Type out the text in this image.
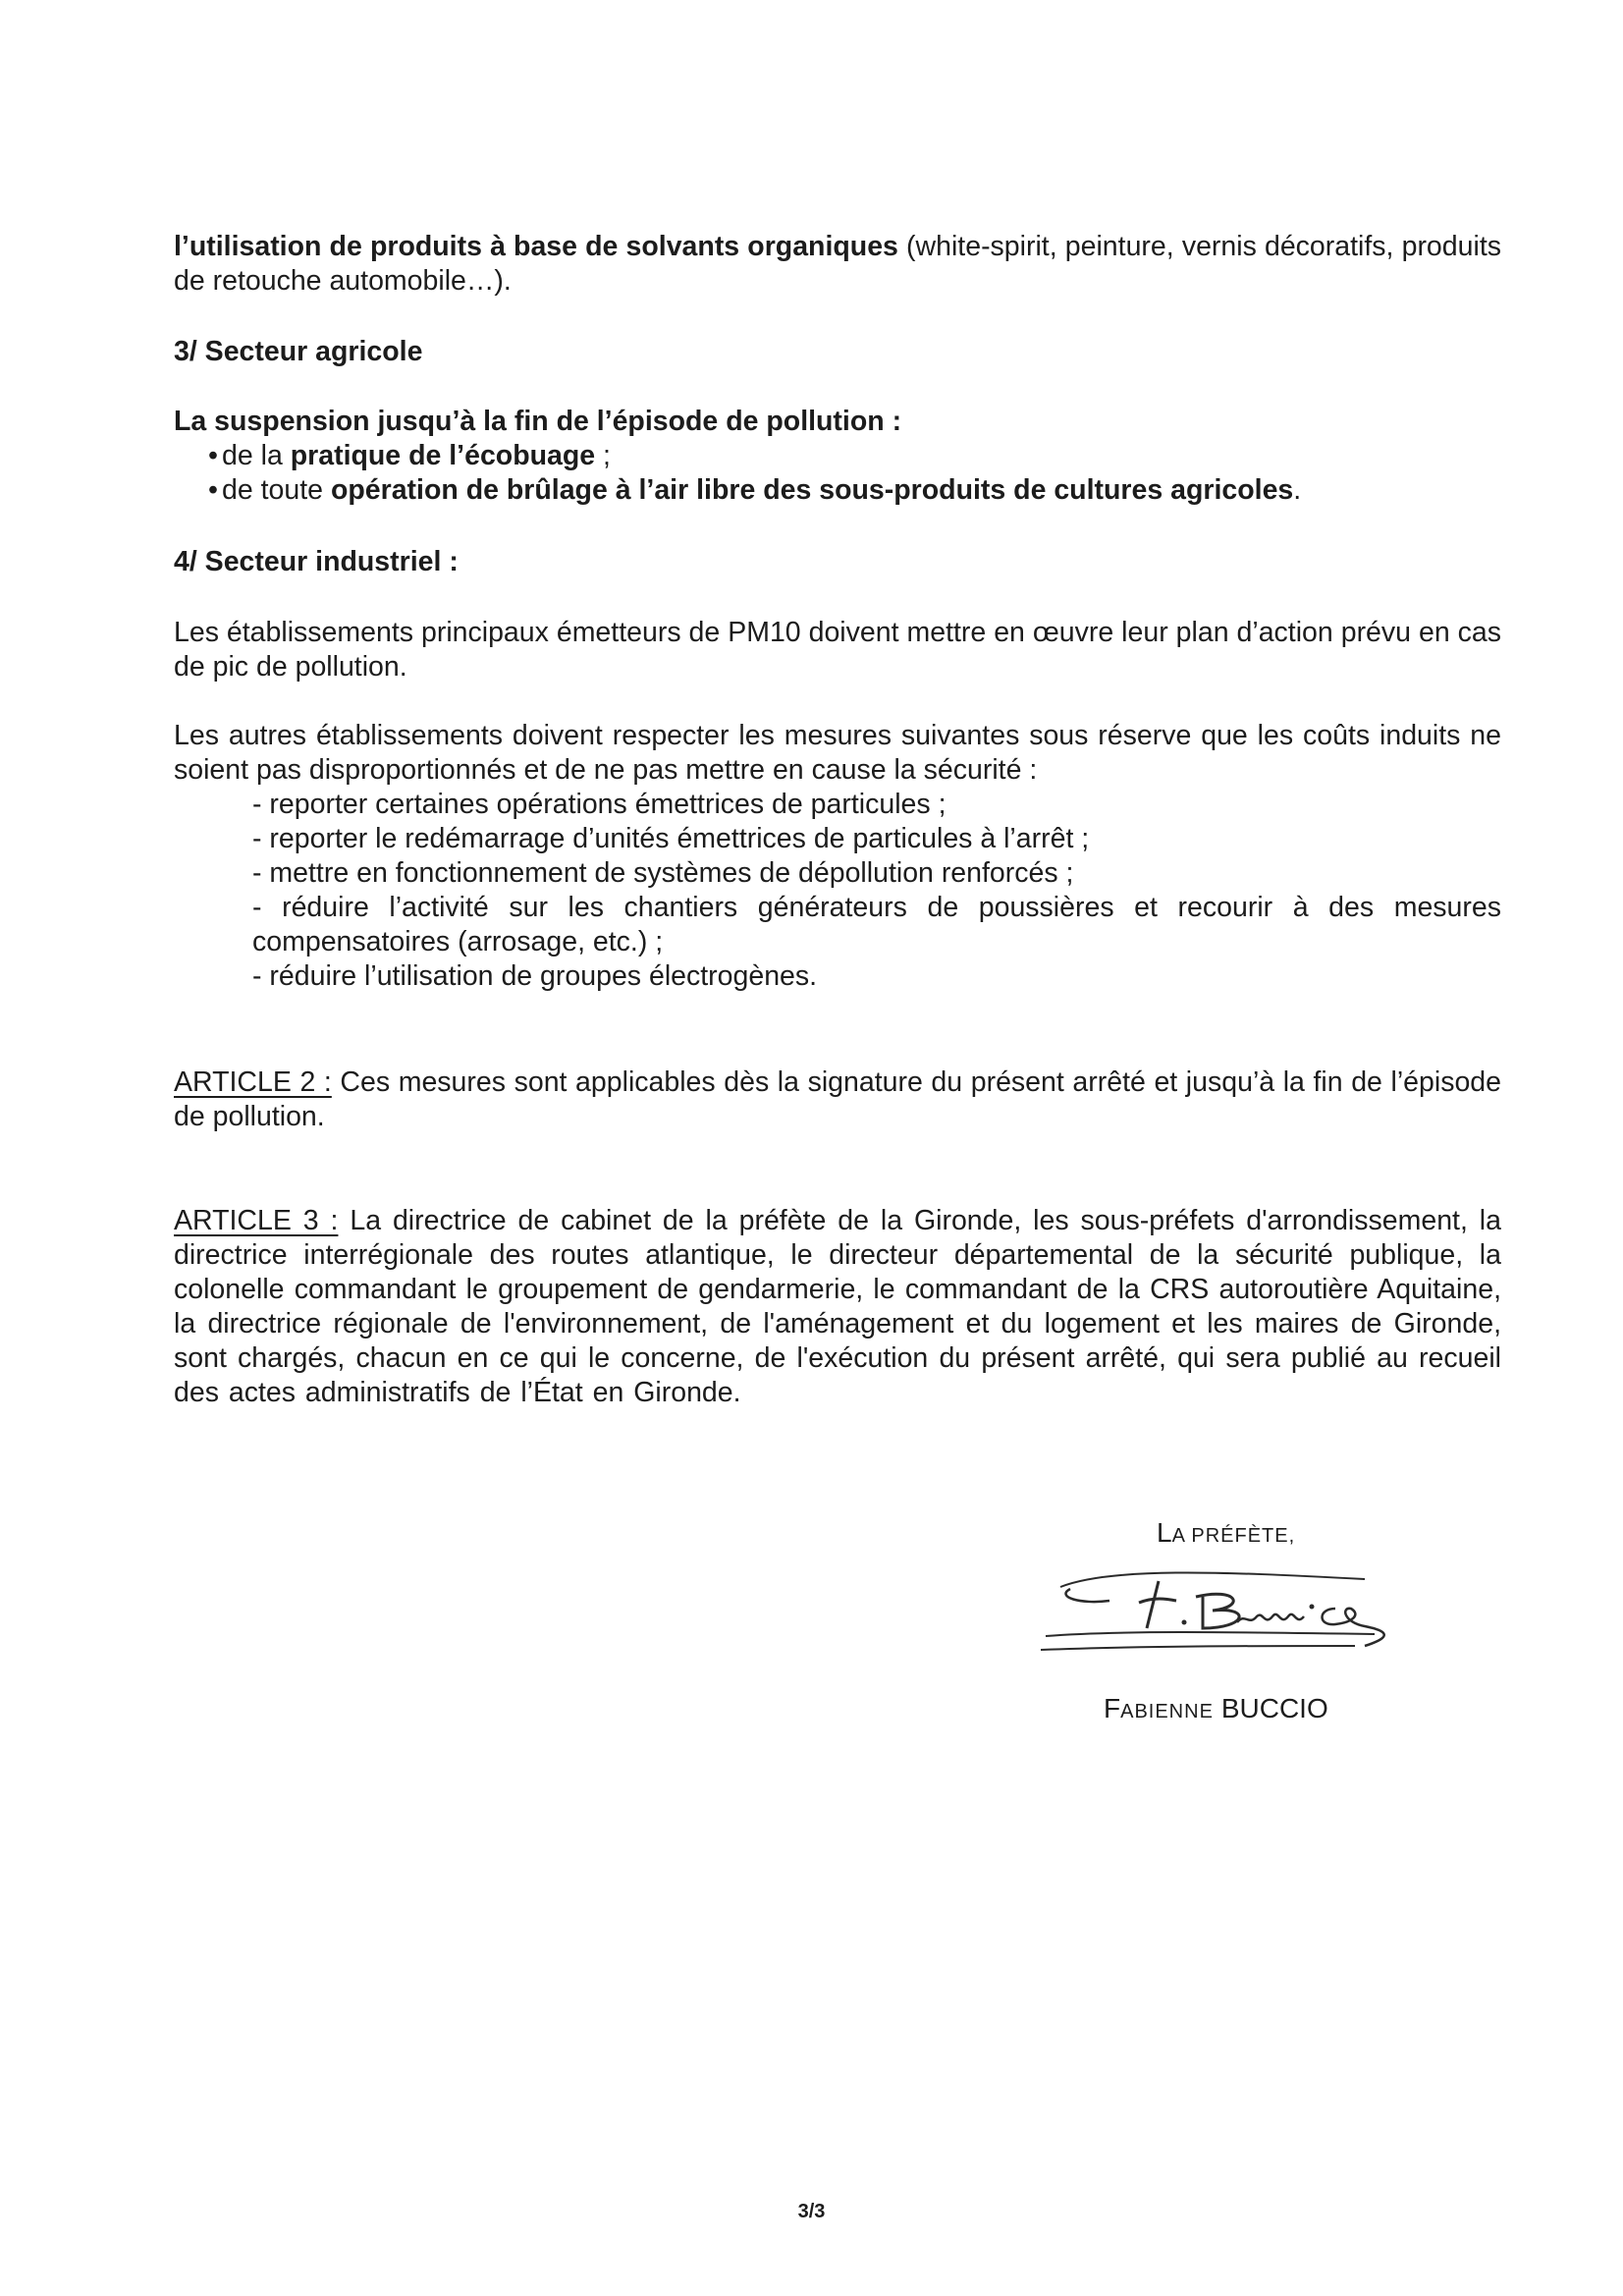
l’utilisation de produits à base de solvants organiques (white-spirit, peinture, vernis décoratifs, produits de retouche automobile…).

3/ Secteur agricole
La suspension jusqu’à la fin de l’épisode de pollution :
• de la pratique de l’écobuage ;
• de toute opération de brûlage à l’air libre des sous-produits de cultures agricoles.
4/ Secteur industriel :

Les établissements principaux émetteurs de PM10 doivent mettre en œuvre leur plan d’action prévu en cas de pic de pollution.

Les autres établissements doivent respecter les mesures suivantes sous réserve que les coûts induits ne soient pas disproportionnés et de ne pas mettre en cause la sécurité :

- reporter certaines opérations émettrices de particules ;
- reporter le redémarrage d’unités émettrices de particules à l’arrêt ;
- mettre en fonctionnement de systèmes de dépollution renforcés ;

- réduire l’activité sur les chantiers générateurs de poussières et recourir à des mesures compensatoires (arrosage, etc.) ;

- réduire l’utilisation de groupes électrogènes.

ARTICLE 2 : Ces mesures sont applicables dès la signature du présent arrêté et jusqu’à la fin de l’épisode de pollution.

ARTICLE 3 : La directrice de cabinet de la préfète de la Gironde, les sous-préfets d'arrondissement, la directrice interrégionale des routes atlantique, le directeur départemental de la sécurité publique, la colonelle commandant le groupement de gendarmerie, le commandant de la CRS autoroutière Aquitaine, la directrice régionale de l'environnement, de l'aménagement et du logement et les maires de Gironde, sont chargés, chacun en ce qui le concerne, de l'exécution du présent arrêté, qui sera publié au recueil des actes administratifs de l’État en Gironde.

LA PRÉFÈTE,
FABIENNE BUCCIO
3/3
